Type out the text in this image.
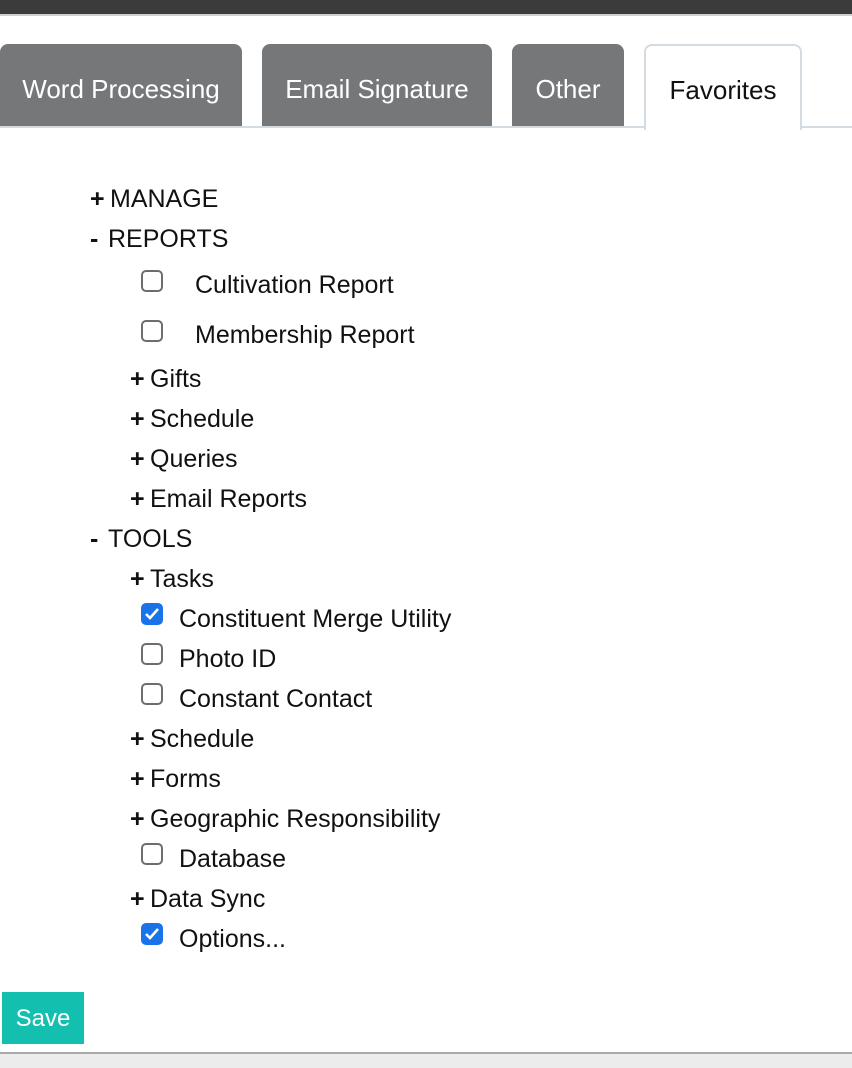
Word Processing	Email Signature	Other	Favorites
+ MANAGE
- REPORTS
Cultivation Report
Membership Report
+ Gifts
+ Schedule
+ Queries
+ Email Reports
- TOOLS
+ Tasks
Constituent Merge Utility
Photo ID
Constant Contact
+ Schedule
+ Forms
+ Geographic Responsibility
Database
+ Data Sync
Options...
Save
